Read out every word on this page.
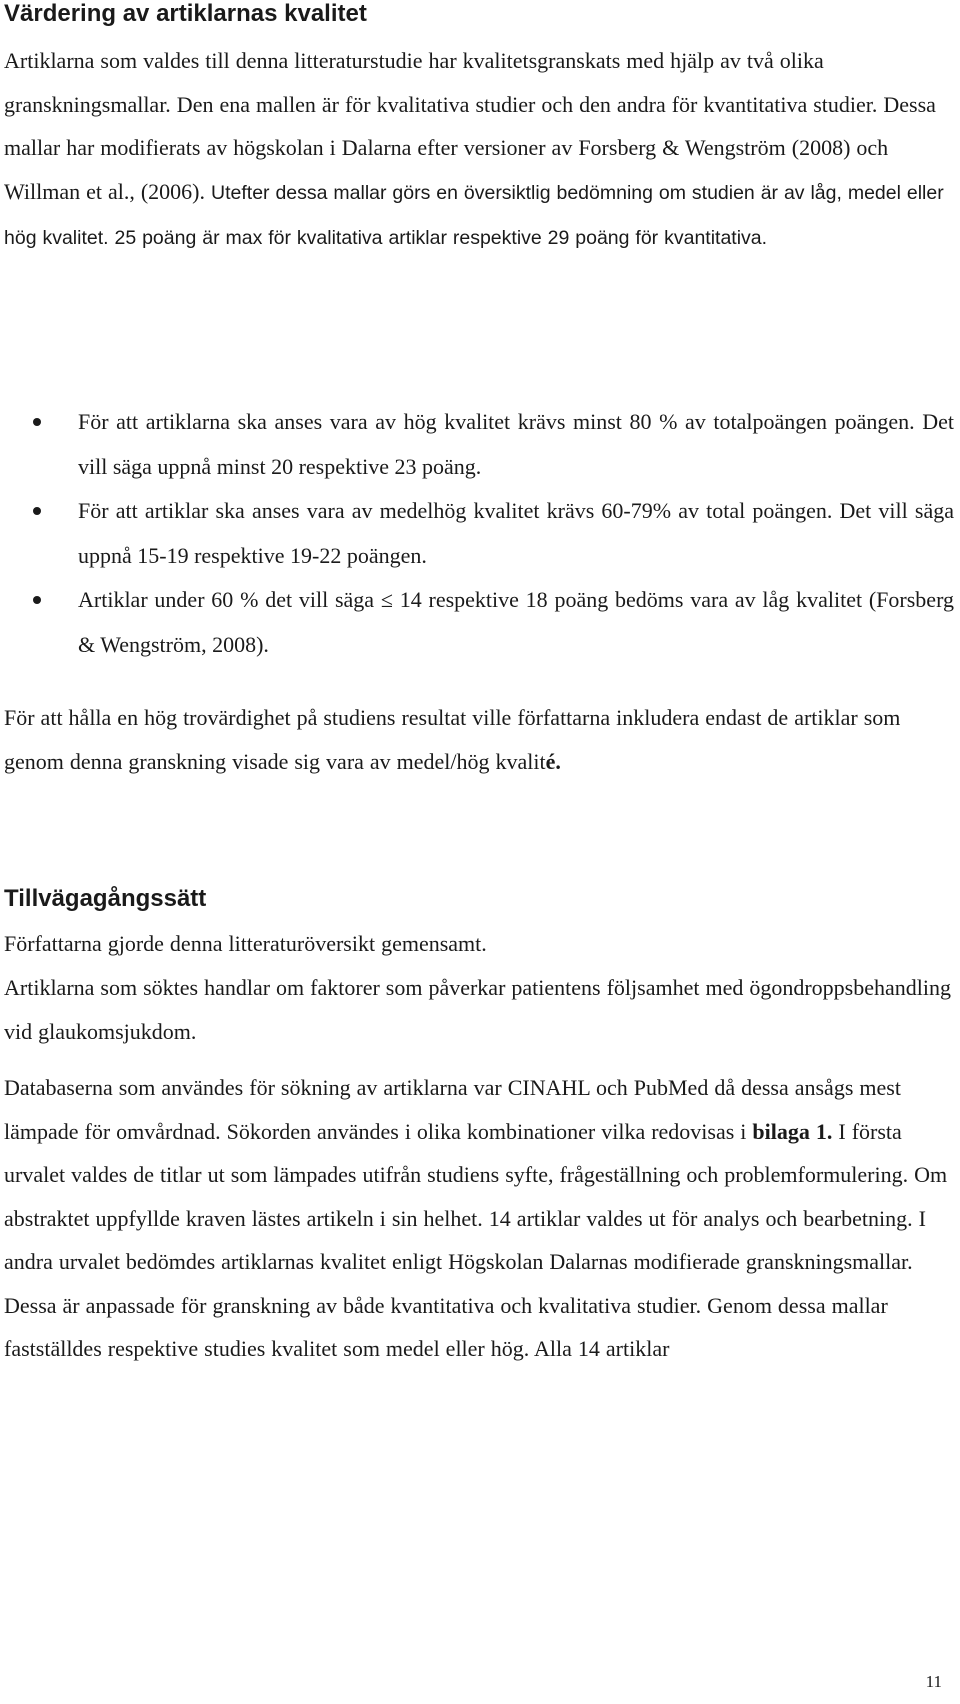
Värdering av artiklarnas kvalitet

Artiklarna som valdes till denna litteraturstudie har kvalitetsgranskats med hjälp av två olika granskningsmallar. Den ena mallen är för kvalitativa studier och den andra för kvantitativa studier. Dessa mallar har modifierats av högskolan i Dalarna efter versioner av Forsberg & Wengström (2008) och Willman et al., (2006). Utefter dessa mallar görs en översiktlig bedömning om studien är av låg, medel eller hög kvalitet. 25 poäng är max för kvalitativa artiklar respektive 29 poäng för kvantitativa.

För att artiklarna ska anses vara av hög kvalitet krävs minst 80 % av totalpoängen poängen. Det vill säga uppnå minst 20 respektive 23 poäng.
För att artiklar ska anses vara av medelhög kvalitet krävs 60-79% av total poängen. Det vill säga uppnå 15-19 respektive 19-22 poängen.
Artiklar under 60 % det vill säga ≤ 14 respektive 18 poäng bedöms vara av låg kvalitet (Forsberg & Wengström, 2008).

För att hålla en hög trovärdighet på studiens resultat ville författarna inkludera endast de artiklar som genom denna granskning visade sig vara av medel/hög kvalité.

Tillvägagångssätt

Författarna gjorde denna litteraturöversikt gemensamt.

Artiklarna som söktes handlar om faktorer som påverkar patientens följsamhet med ögondroppsbehandling vid glaukomsjukdom.

Databaserna som användes för sökning av artiklarna var CINAHL och PubMed då dessa ansågs mest lämpade för omvårdnad. Sökorden användes i olika kombinationer vilka redovisas i bilaga 1. I första urvalet valdes de titlar ut som lämpades utifrån studiens syfte, frågeställning och problemformulering. Om abstraktet uppfyllde kraven lästes artikeln i sin helhet. 14 artiklar valdes ut för analys och bearbetning. I andra urvalet bedömdes artiklarnas kvalitet enligt Högskolan Dalarnas modifierade granskningsmallar. Dessa är anpassade för granskning av både kvantitativa och kvalitativa studier. Genom dessa mallar fastställdes respektive studies kvalitet som medel eller hög. Alla 14 artiklar

11
